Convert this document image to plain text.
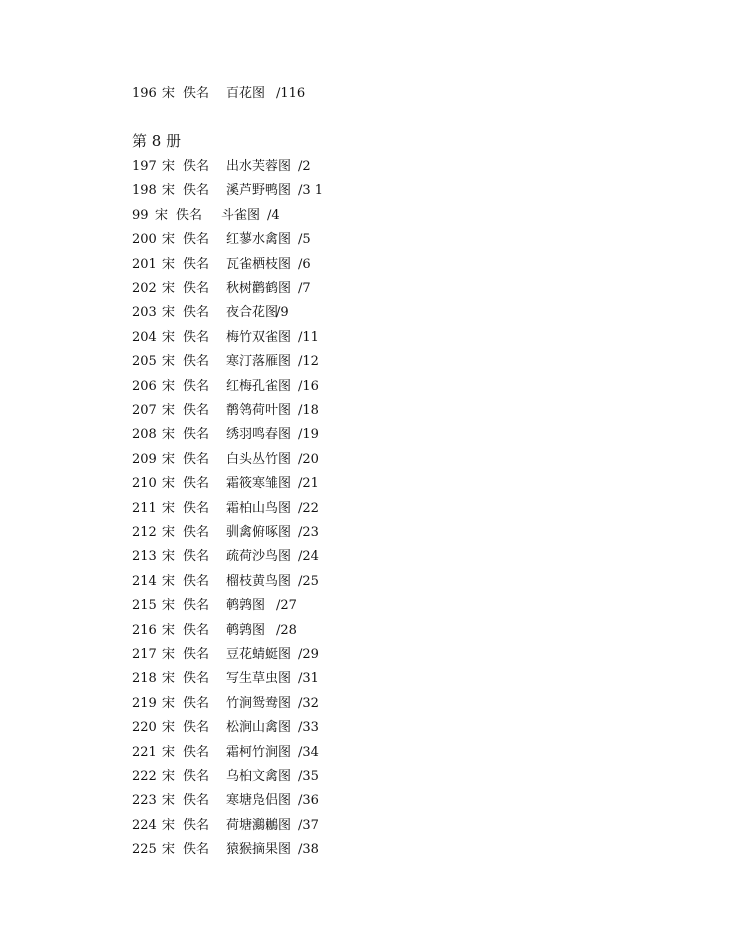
196 宋 佚名 百花图 /116
第 8 册
197 宋 佚名 出水芙蓉图 /2
198 宋 佚名 溪芦野鸭图 /3 1
99 宋 佚名 斗雀图 /4
200 宋 佚名 红蓼水禽图 /5
201 宋 佚名 瓦雀栖枝图 /6
202 宋 佚名 秋树鹳鹤图 /7
203 宋 佚名 夜合花图
/9
204 宋 佚名 梅竹双雀图 /11
205 宋 佚名 寒汀落雁图 /12
206 宋 佚名 红梅孔雀图 /16
207 宋 佚名 鹡鸰荷叶图 /18
208 宋 佚名 绣羽鸣春图 /19
209 宋 佚名 白头丛竹图 /20
210 宋 佚名 霜筱寒雏图 /21
211 宋 佚名 霜柏山鸟图 /22
212 宋 佚名 驯禽俯啄图 /23
213 宋 佚名 疏荷沙鸟图 /24
214 宋 佚名 榴枝黄鸟图 /25
215 宋 佚名 鹌鹑图 /27
216 宋 佚名 鹌鹑图 /28
217 宋 佚名 豆花蜻蜓图 /29
218 宋 佚名 写生草虫图 /31
219 宋 佚名 竹涧鸳鸯图 /32
220 宋 佚名 松涧山禽图 /33
221 宋 佚名 霜柯竹涧图 /34
222 宋 佚名 乌桕文禽图 /35
223 宋 佚名 寒塘凫侣图 /36
224 宋 佚名 荷塘鸂鶒图 /37
225 宋 佚名 猿猴摘果图 /38
